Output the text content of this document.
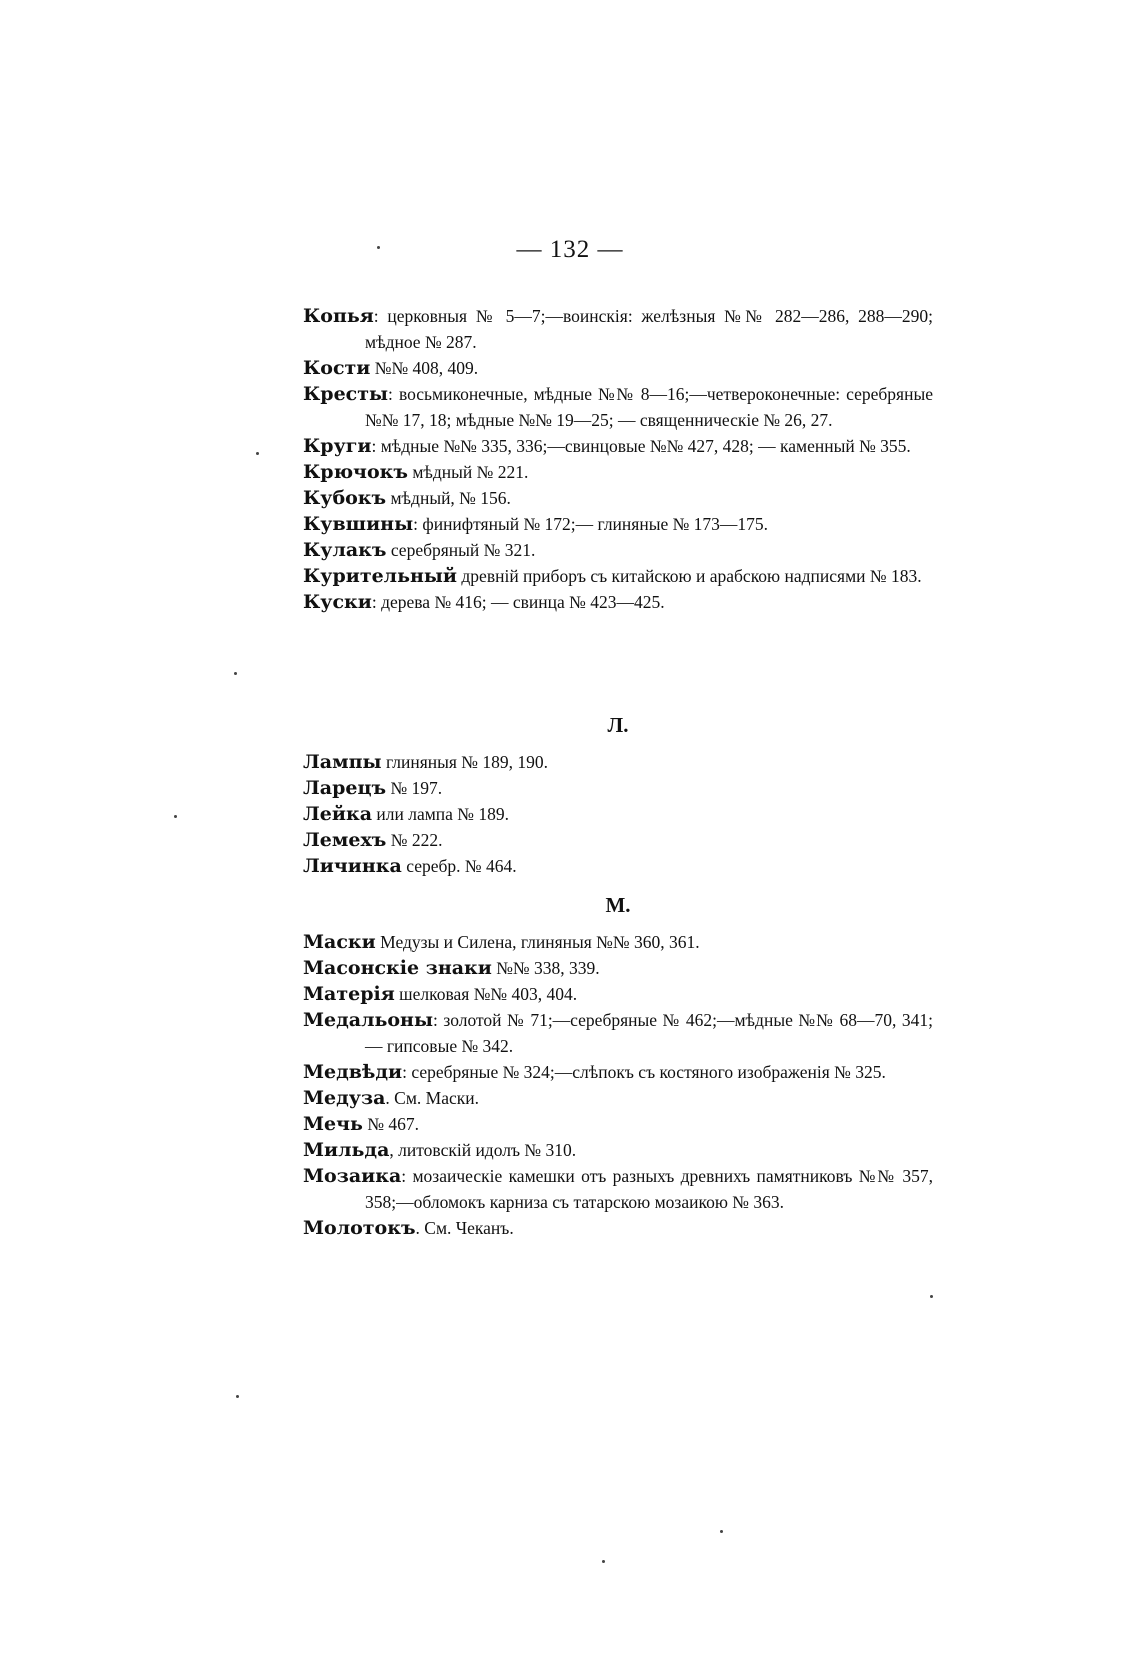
— 132 —

Копья: церковныя № 5—7;—воинскія: желѣзныя №№ 282—286, 288—290; мѣдное № 287.

Кости №№ 408, 409.

Кресты: восьмиконечные, мѣдные №№ 8—16;—четвероконечные: серебряные №№ 17, 18; мѣдные №№ 19—25; — священническіе № 26, 27.

Круги: мѣдные №№ 335, 336;—свинцовые №№ 427, 428; — каменный № 355.

Крючокъ мѣдный № 221.

Кубокъ мѣдный, № 156.

Кувшины: финифтяный № 172;— глиняные № 173—175.

Кулакъ серебряный № 321.

Курительный древній приборъ съ китайскою и арабскою надписями № 183.

Куски: дерева № 416; — свинца № 423—425.

Л.

Лампы глиняныя № 189, 190.

Ларецъ № 197.

Лейка или лампа № 189.

Лемехъ № 222.

Личинка серебр. № 464.

М.

Маски Медузы и Силена, глиняныя №№ 360, 361.

Масонскіе знаки №№ 338, 339.

Матерія шелковая №№ 403, 404.

Медальоны: золотой № 71;—серебряные № 462;—мѣдные №№ 68—70, 341; — гипсовые № 342.

Медвѣди: серебряные № 324;—слѣпокъ съ костяного изображенія № 325.

Медуза. См. Маски.

Мечь № 467.

Мильда, литовскій идолъ № 310.

Мозаика: мозаическіе камешки отъ разныхъ древнихъ памятниковъ №№ 357, 358;—обломокъ карниза съ татарскою мозаикою № 363.

Молотокъ. См. Чеканъ.
